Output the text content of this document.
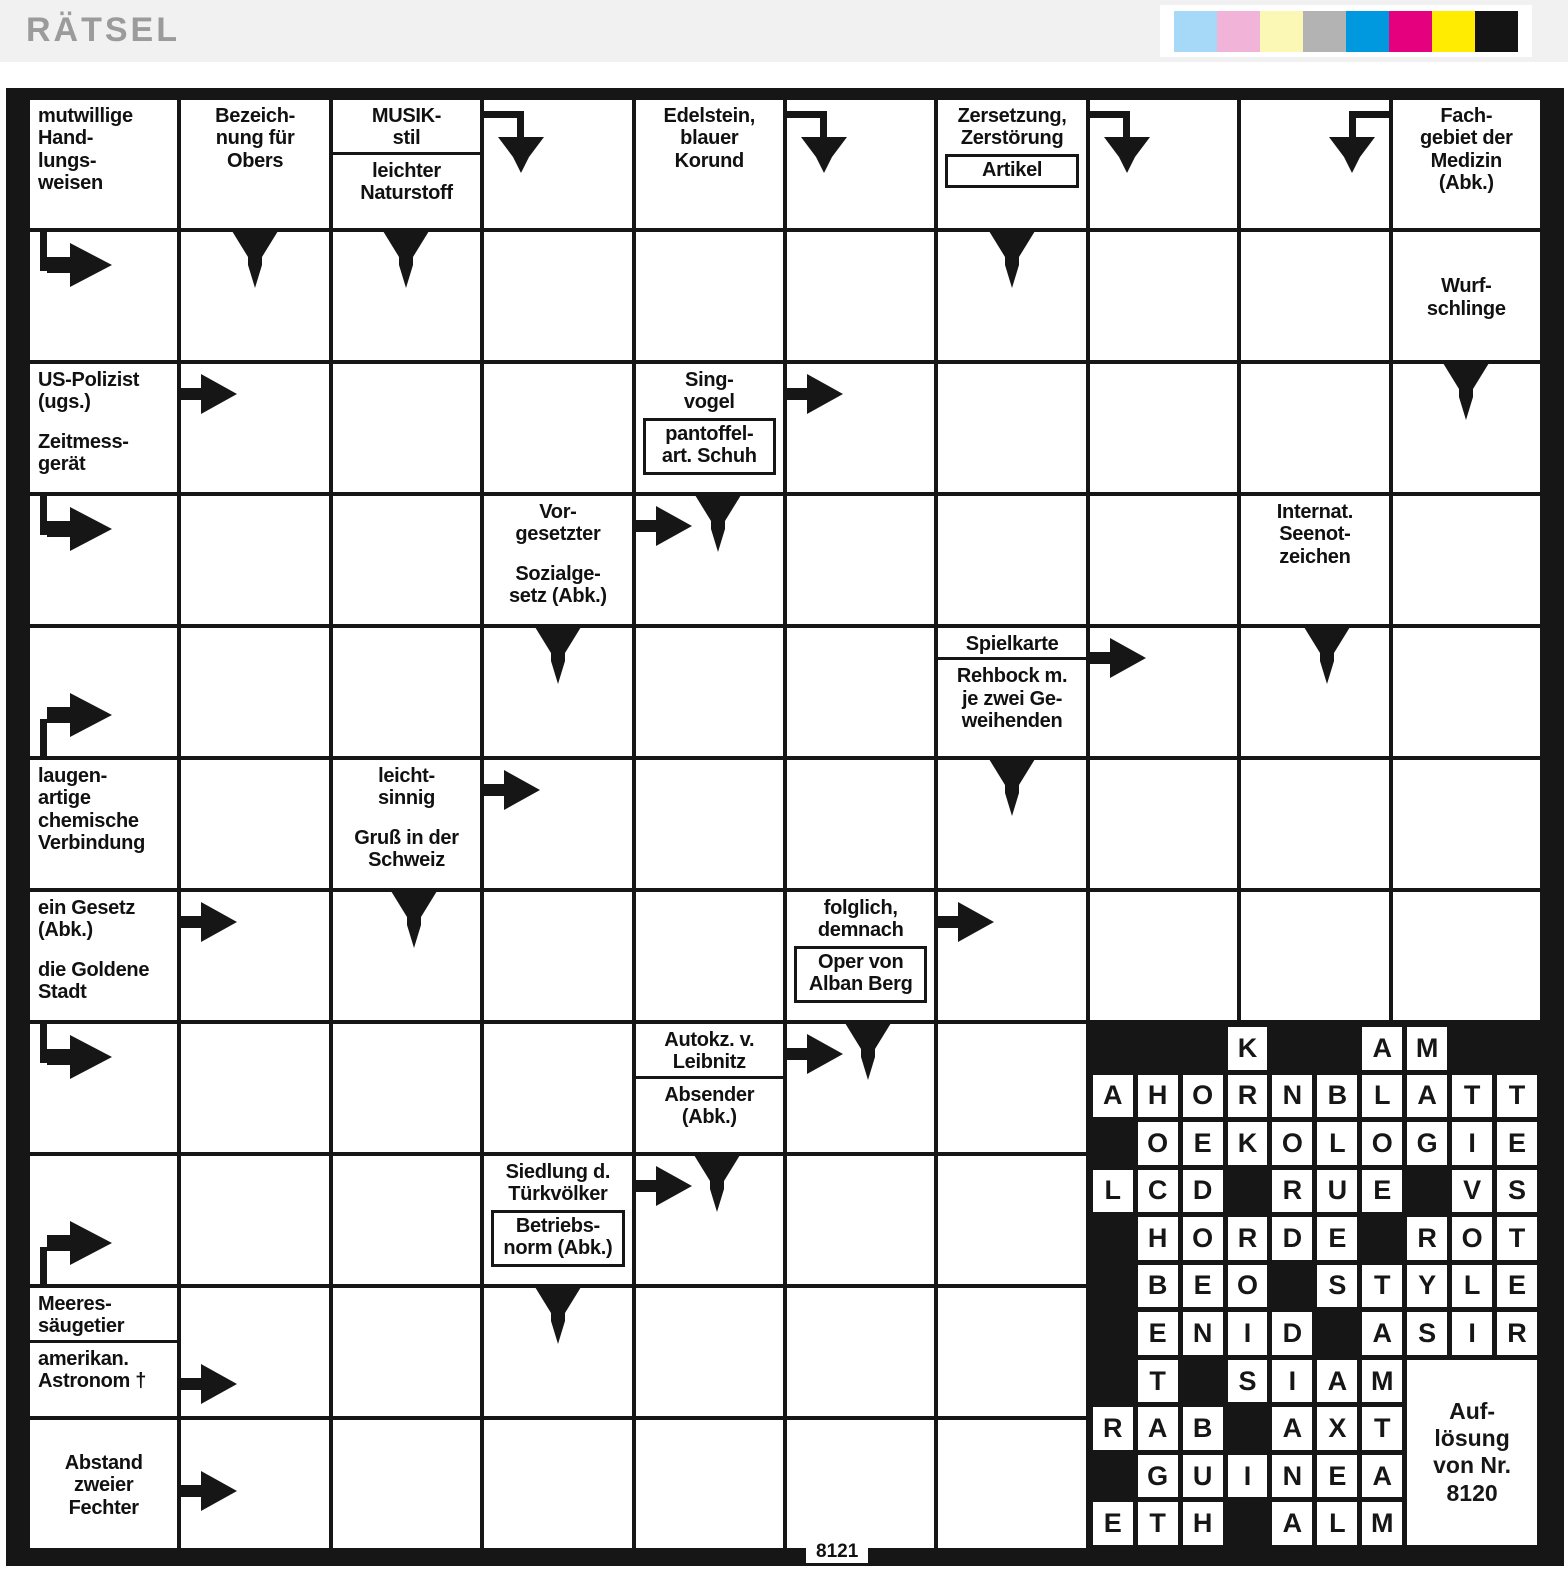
RÄTSEL
mutwillige
Hand-
lungs-
weisen
Bezeich-
nung für
Obers
MUSIK-
stil
leichter
Naturstoff
Edelstein,
blauer
Korund
Zersetzung,
Zerstörung
Artikel
Fach-
gebiet der
Medizin
(Abk.)
Wurf-
schlinge
US-Polizist
(ugs.)
Zeitmess-
gerät
Sing-
vogel
pantoffel-
art. Schuh
Vor-
gesetzter
Sozialge-
setz (Abk.)
Internat.
Seenot-
zeichen
Spielkarte
Rehbock m.
je zwei Ge-
weihenden
laugen-
artige
chemische
Verbindung
leicht-
sinnig
Gruß in der
Schweiz
ein Gesetz
(Abk.)
die Goldene
Stadt
folglich,
demnach
Oper von
Alban Berg
Autokz. v.
Leibnitz
Absender
(Abk.)
Siedlung d.
Türkvölker
Betriebs-
norm (Abk.)
Meeres-
säugetier
amerikan.
Astronom †
Abstand
zweier
Fechter
K	A M
A H O R N B L A T	T
O E K O L O G	I	E
L C D	R U E	V S
H O R D E	R O T
B E O	S	T	Y	L	E
E N	I	D	A S	I	R
T	S	I	A M
R A B	A X	T
G U	I	N E A
E	T H	A L M
Auf-
lösung
von Nr.
8120
8121
